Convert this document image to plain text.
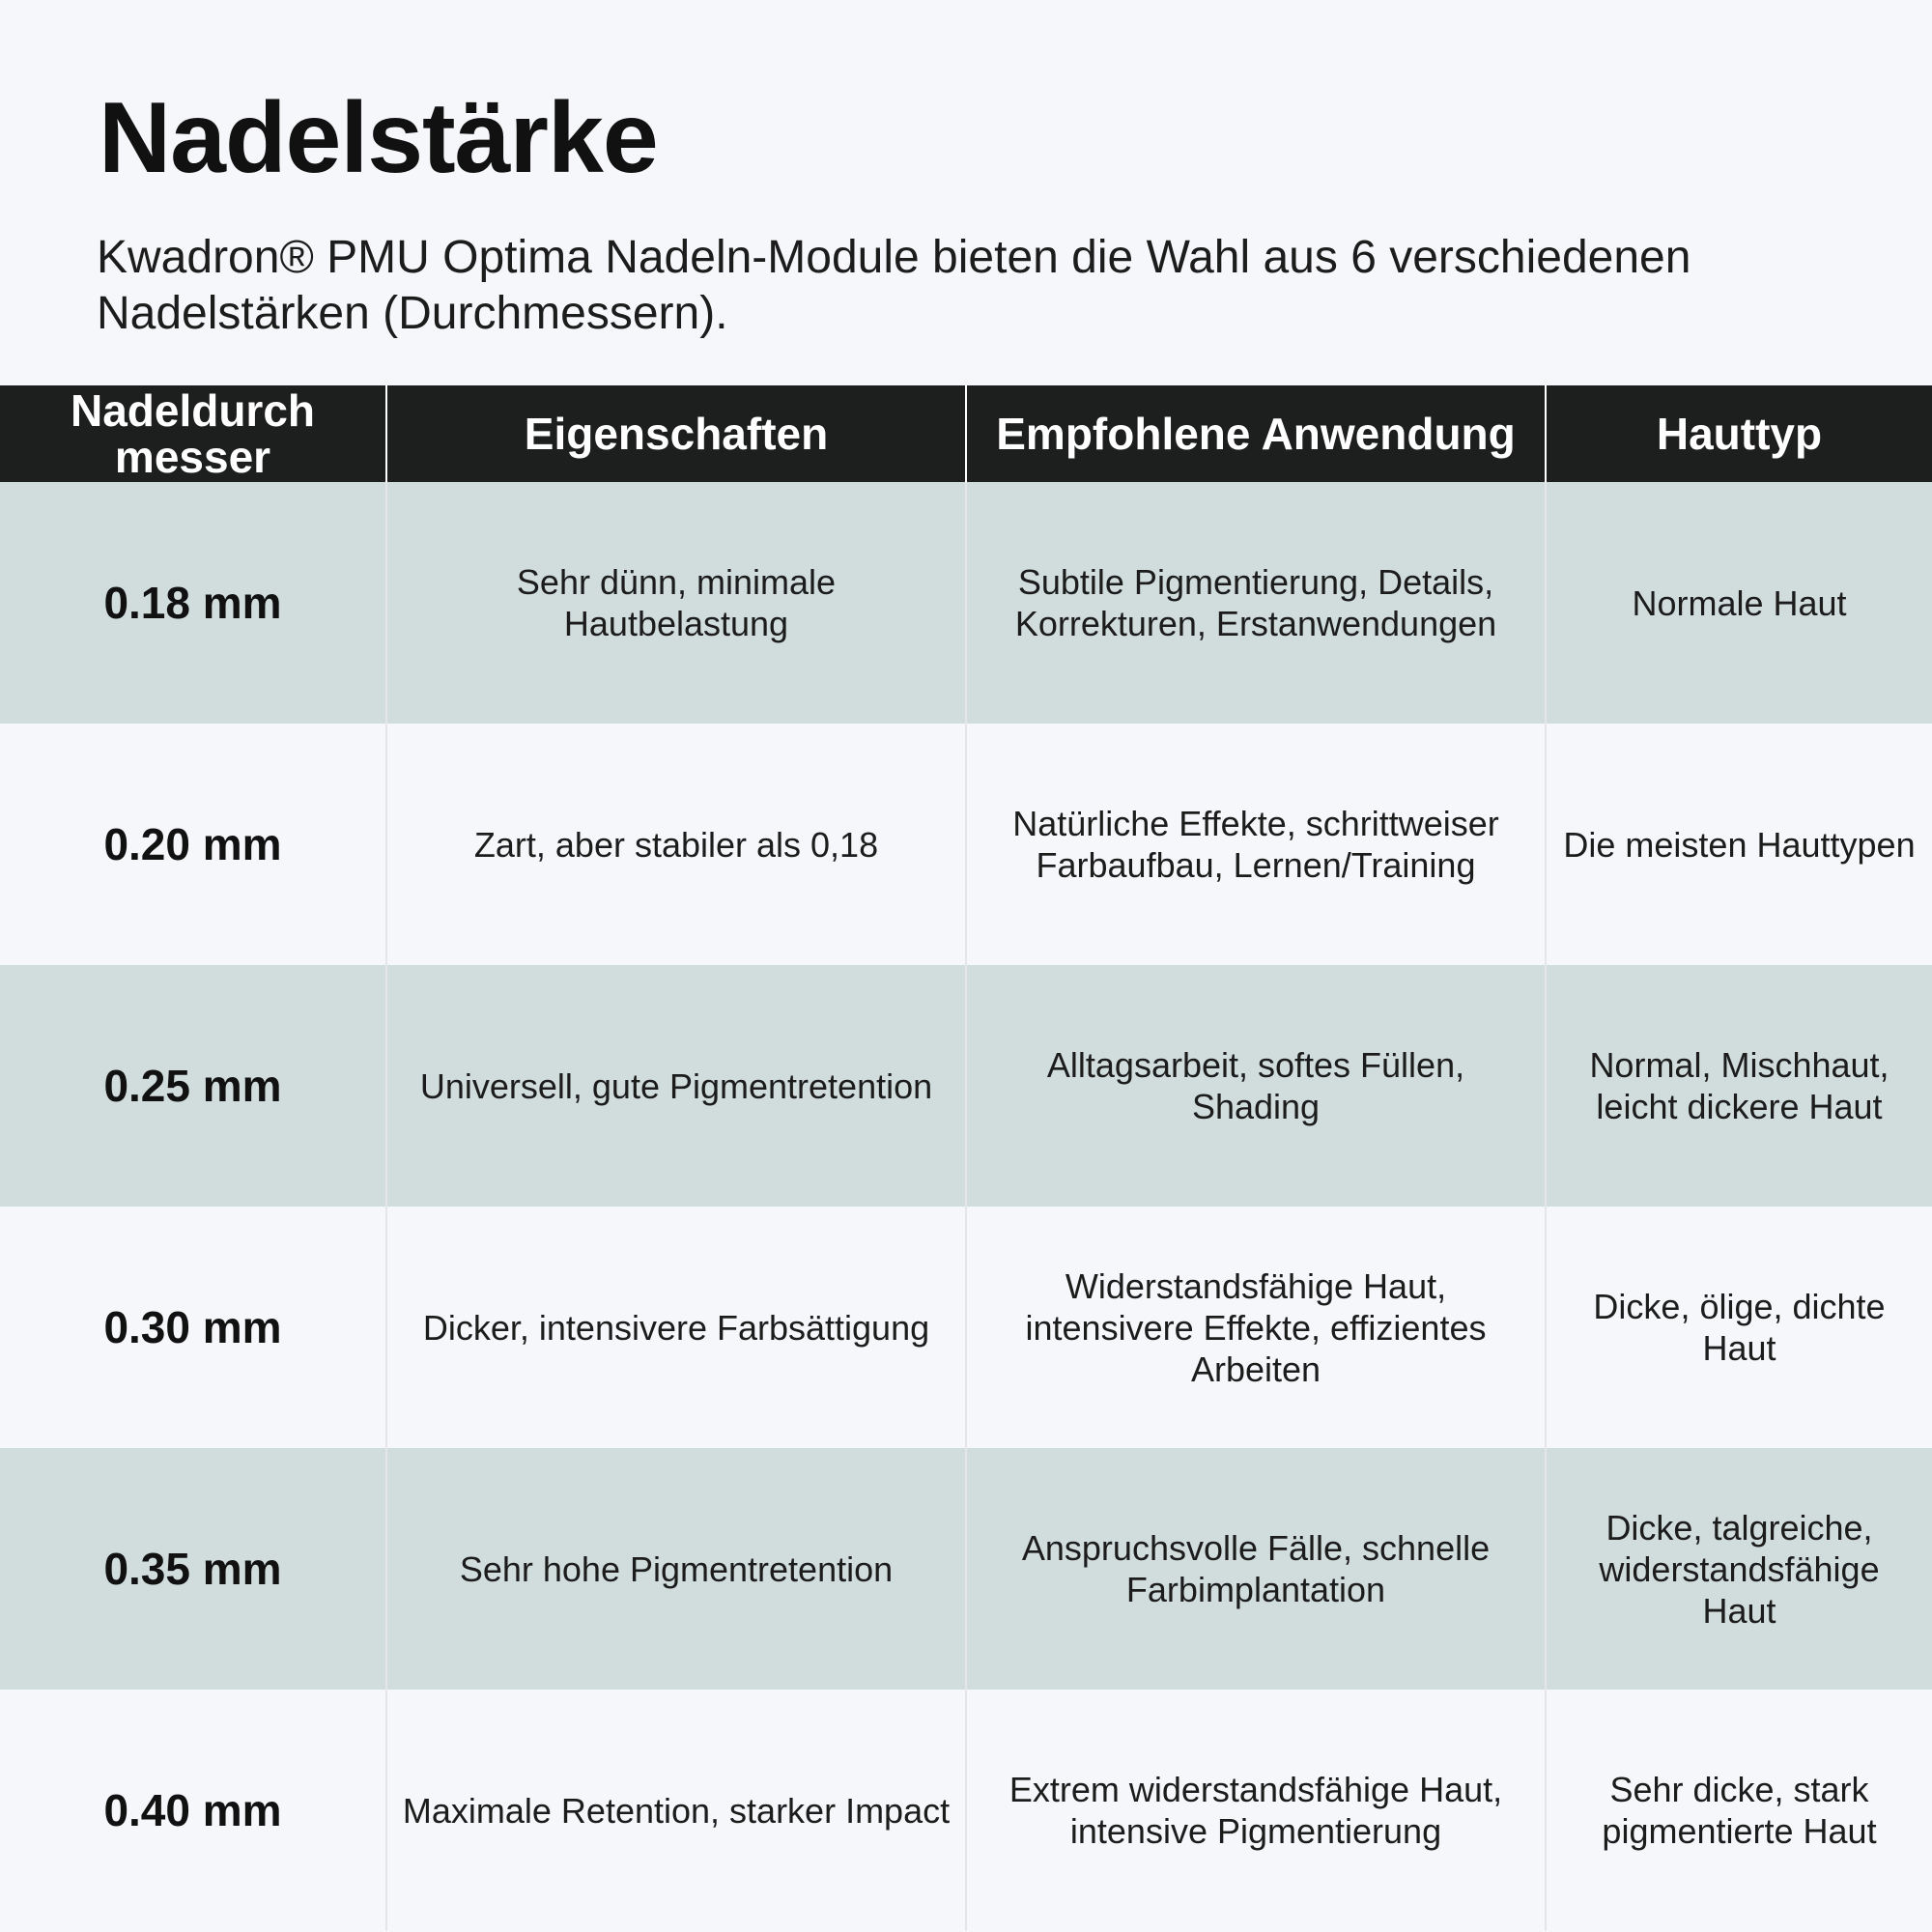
Nadelstärke

Kwadron® PMU Optima Nadeln-Module bieten die Wahl aus 6 verschiedenen Nadelstärken (Durchmessern).

Nadeldurch messer	Eigenschaften	Empfohlene Anwendung	Hauttyp
0.18 mm	Sehr dünn, minimale Hautbelastung	Subtile Pigmentierung, Details, Korrekturen, Erstanwendungen	Normale Haut
0.20 mm	Zart, aber stabiler als 0,18	Natürliche Effekte, schrittweiser Farbaufbau, Lernen/Training	Die meisten Hauttypen
0.25 mm	Universell, gute Pigmentretention	Alltagsarbeit, softes Füllen, Shading	Normal, Mischhaut, leicht dickere Haut
0.30 mm	Dicker, intensivere Farbsättigung	Widerstandsfähige Haut, intensivere Effekte, effizientes Arbeiten	Dicke, ölige, dichte Haut
0.35 mm	Sehr hohe Pigmentretention	Anspruchsvolle Fälle, schnelle Farbimplantation	Dicke, talgreiche, widerstandsfähige Haut
0.40 mm	Maximale Retention, starker Impact	Extrem widerstandsfähige Haut, intensive Pigmentierung	Sehr dicke, stark pigmentierte Haut
